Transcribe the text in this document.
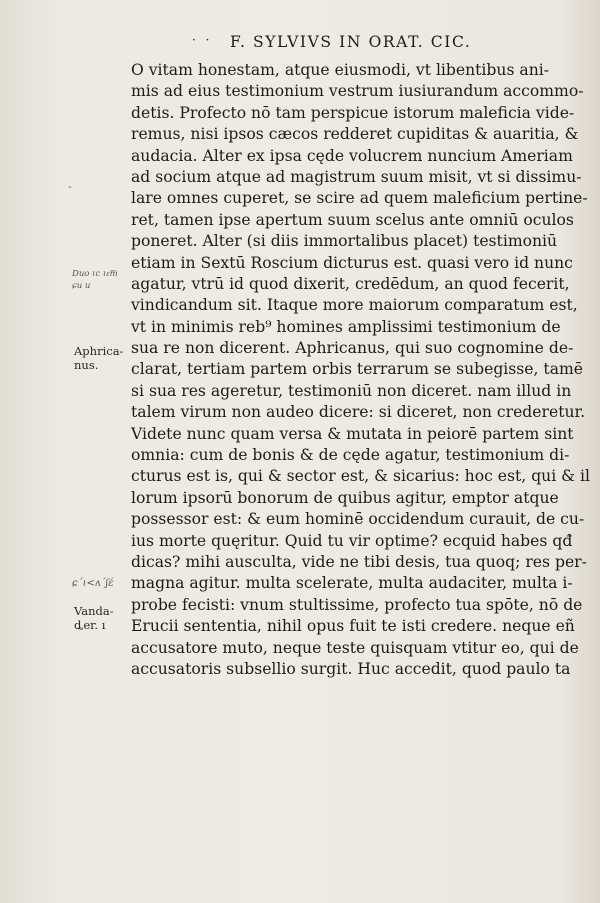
· · F. SYLVIVS IN ORAT. CIC.
Duo ɩc ɩε͞m
ɕu u
Aphrica-
nus.
ɕ΄ɩ<ʌ΄ʃέ
Vanda-
ȡer. ı
-
O vitam honestam, atque eiusmodi, vt libentibus ani-
mis ad eius testimonium vestrum iusiurandum accommo-
detis. Profecto nō tam perspicue istorum maleficia vide-
remus, nisi ipsos cæcos redderet cupiditas & auaritia, &
audacia. Alter ex ipsa cęde volucrem nuncium Ameriam
ad socium atque ad magistrum suum misit, vt si dissimu-
lare omnes cuperet, se scire ad quem maleficium pertine-
ret, tamen ipse apertum suum scelus ante omniū oculos
poneret. Alter (si diis immortalibus placet) testimoniū
etiam in Sextū Roscium dicturus est. quasi vero id nunc
agatur, vtrū id quod dixerit, credēdum, an quod fecerit,
vindicandum sit. Itaque more maiorum comparatum est,
vt in minimis reb⁹ homines amplissimi testimonium de
sua re non dicerent. Aphricanus, qui suo cognomine de-
clarat, tertiam partem orbis terrarum se subegisse, tamē
si sua res ageretur, testimoniū non diceret. nam illud in
talem virum non audeo dicere: si diceret, non crederetur.
Videte nunc quam versa & mutata in peiorē partem sint
omnia: cum de bonis & de cęde agatur, testimonium di-
cturus est is, qui & sector est, & sicarius: hoc est, qui & il
lorum ipsorū bonorum de quibus agitur, emptor atque
possessor est: & eum hominē occidendum curauit, de cu-
ius morte quęritur. Quid tu vir optime? ecquid habes qđ
dicas? mihi ausculta, vide ne tibi desis, tua quoq; res per-
magna agitur. multa scelerate, multa audaciter, multa i-
probe fecisti: vnum stultissime, profecto tua spōte, nō de
Erucii sententia, nihil opus fuit te isti credere. neque eñ
accusatore muto, neque teste quisquam vtitur eo, qui de
accusatoris subsellio surgit. Huc accedit, quod paulo ta
